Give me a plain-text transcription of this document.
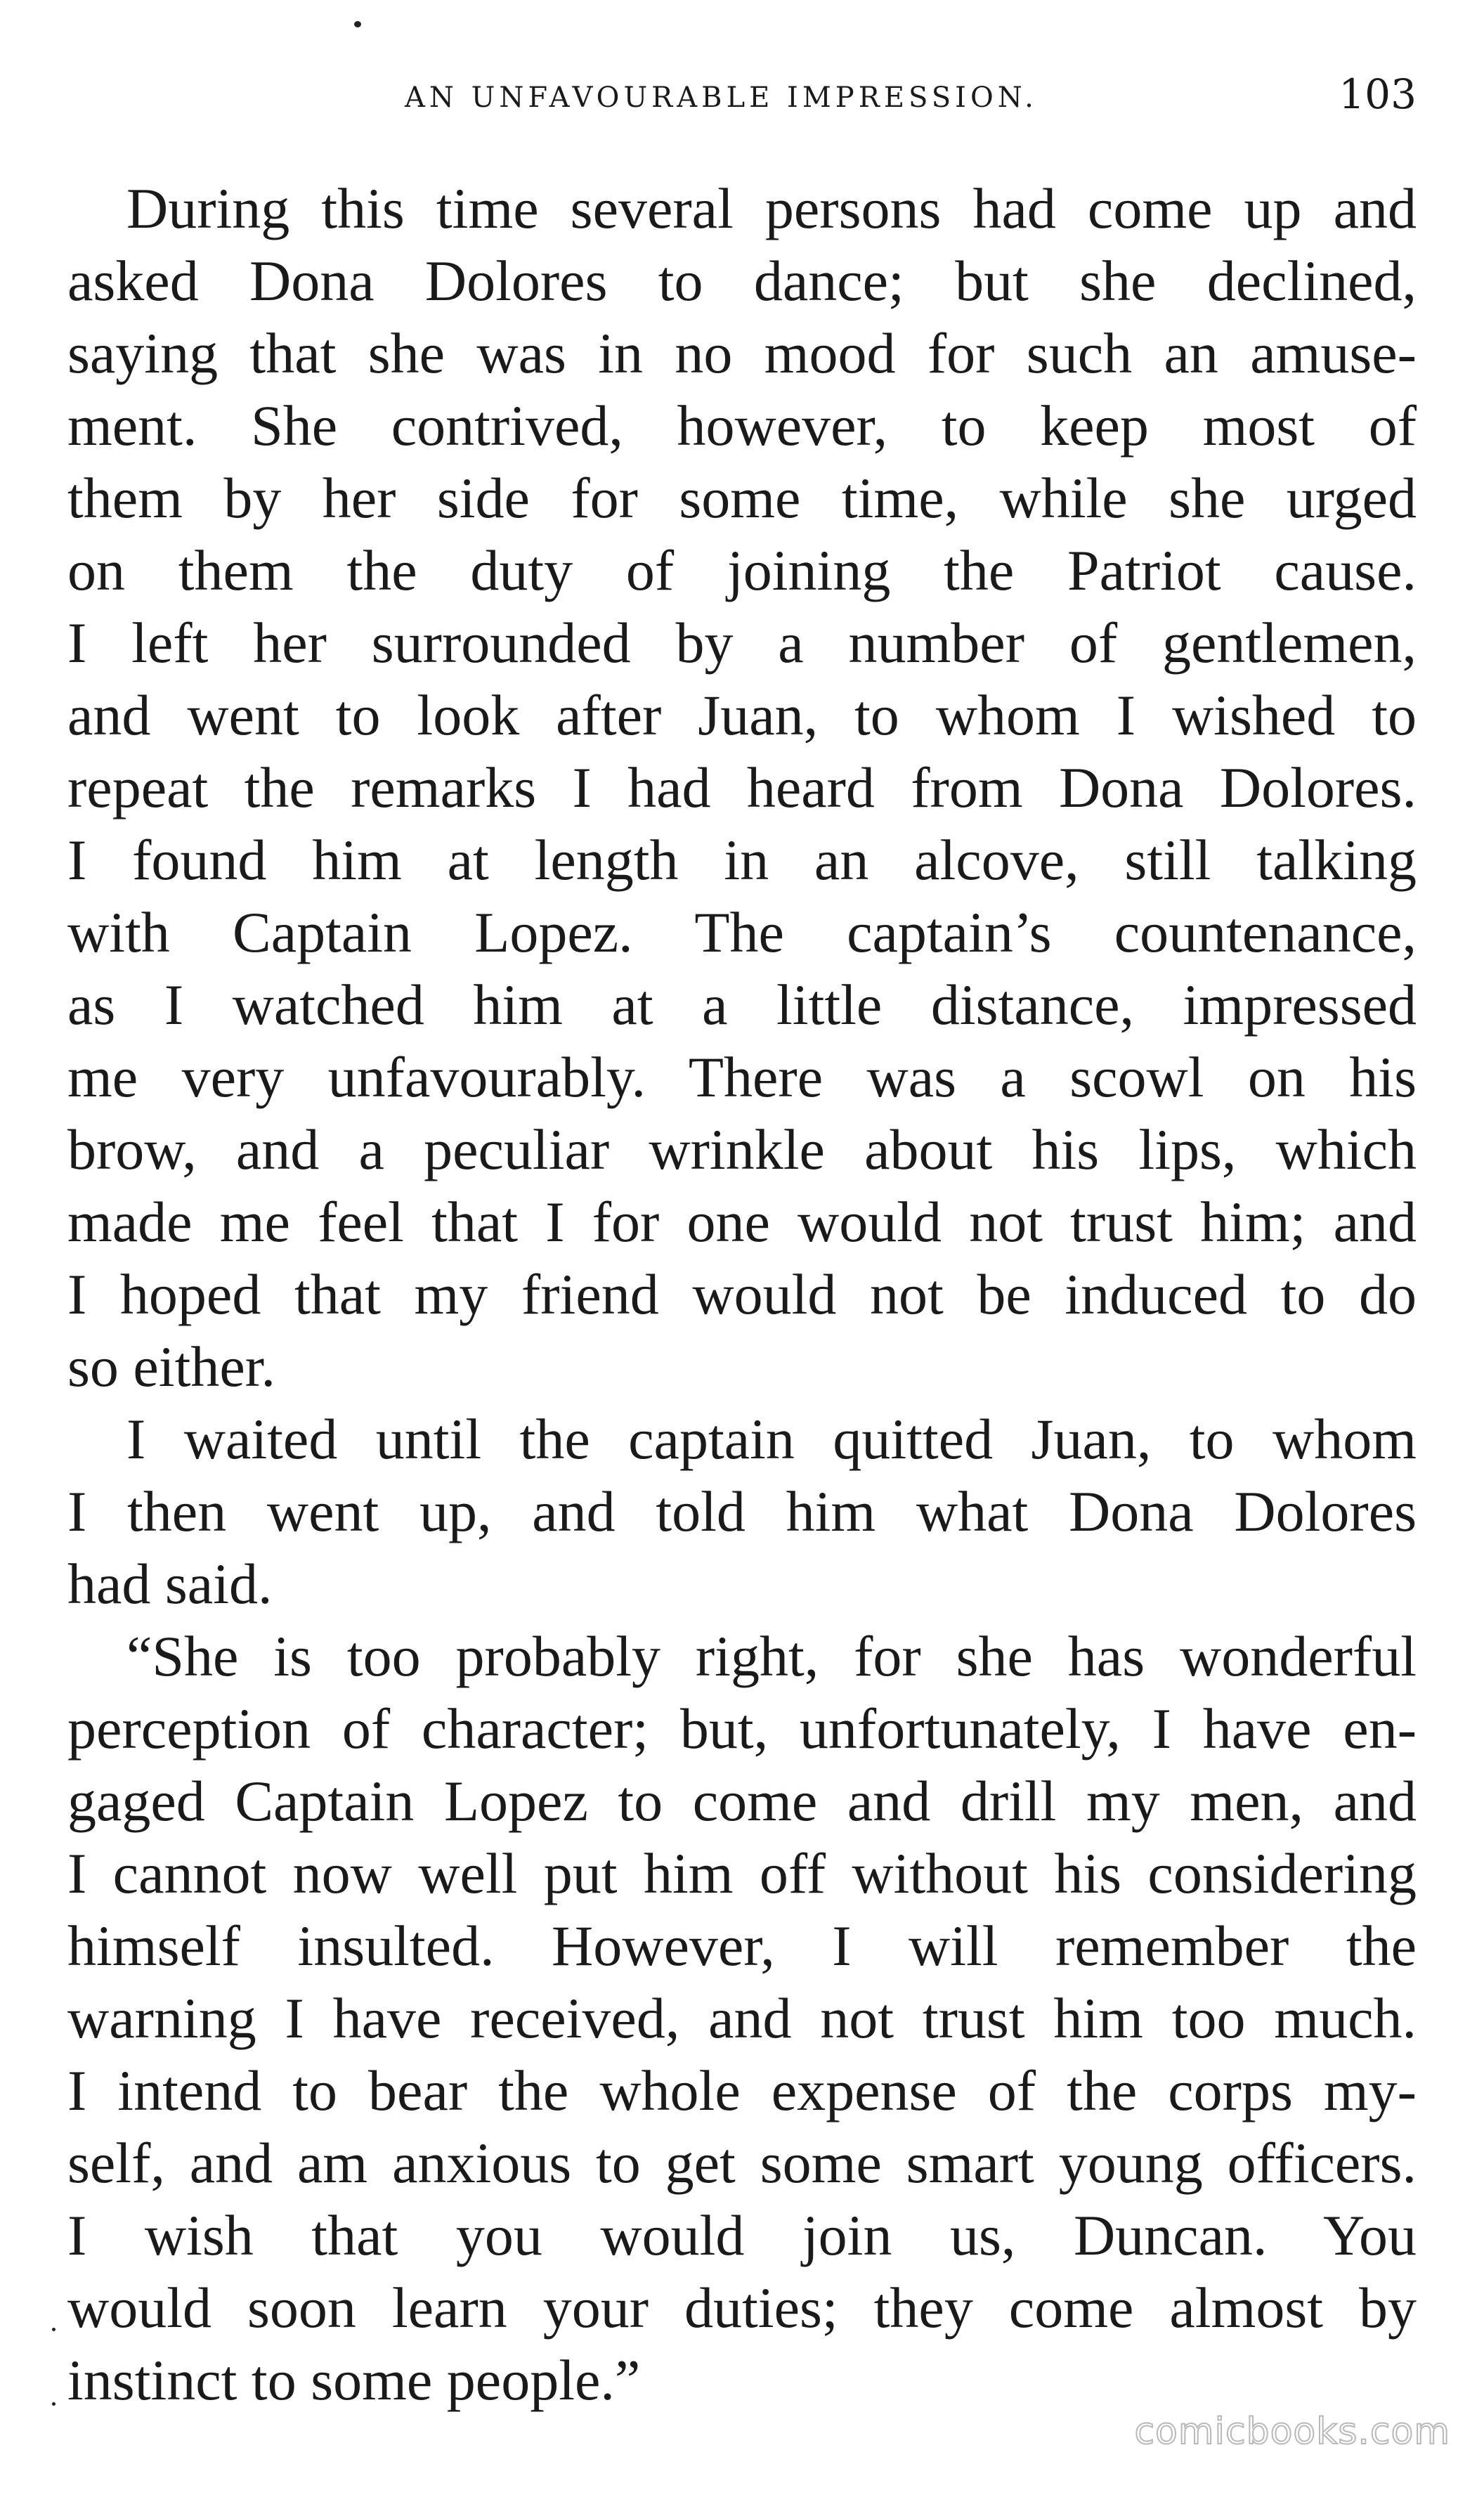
AN UNFAVOURABLE IMPRESSION.	103
During this time several persons had come up and
asked Dona Dolores to dance; but she declined,
saying that she was in no mood for such an amuse-
ment. She contrived, however, to keep most of
them by her side for some time, while she urged
on them the duty of joining the Patriot cause.
I left her surrounded by a number of gentlemen,
and went to look after Juan, to whom I wished to
repeat the remarks I had heard from Dona Dolores.
I found him at length in an alcove, still talking
with Captain Lopez. The captain’s countenance,
as I watched him at a little distance, impressed
me very unfavourably. There was a scowl on his
brow, and a peculiar wrinkle about his lips, which
made me feel that I for one would not trust him; and
I hoped that my friend would not be induced to do
so either.
I waited until the captain quitted Juan, to whom
I then went up, and told him what Dona Dolores
had said.
“She is too probably right, for she has wonderful
perception of character; but, unfortunately, I have en-
gaged Captain Lopez to come and drill my men, and
I cannot now well put him off without his considering
himself insulted. However, I will remember the
warning I have received, and not trust him too much.
I intend to bear the whole expense of the corps my-
self, and am anxious to get some smart young officers.
I wish that you would join us, Duncan. You
would soon learn your duties; they come almost by
instinct to some people.”
comicbooks.com
